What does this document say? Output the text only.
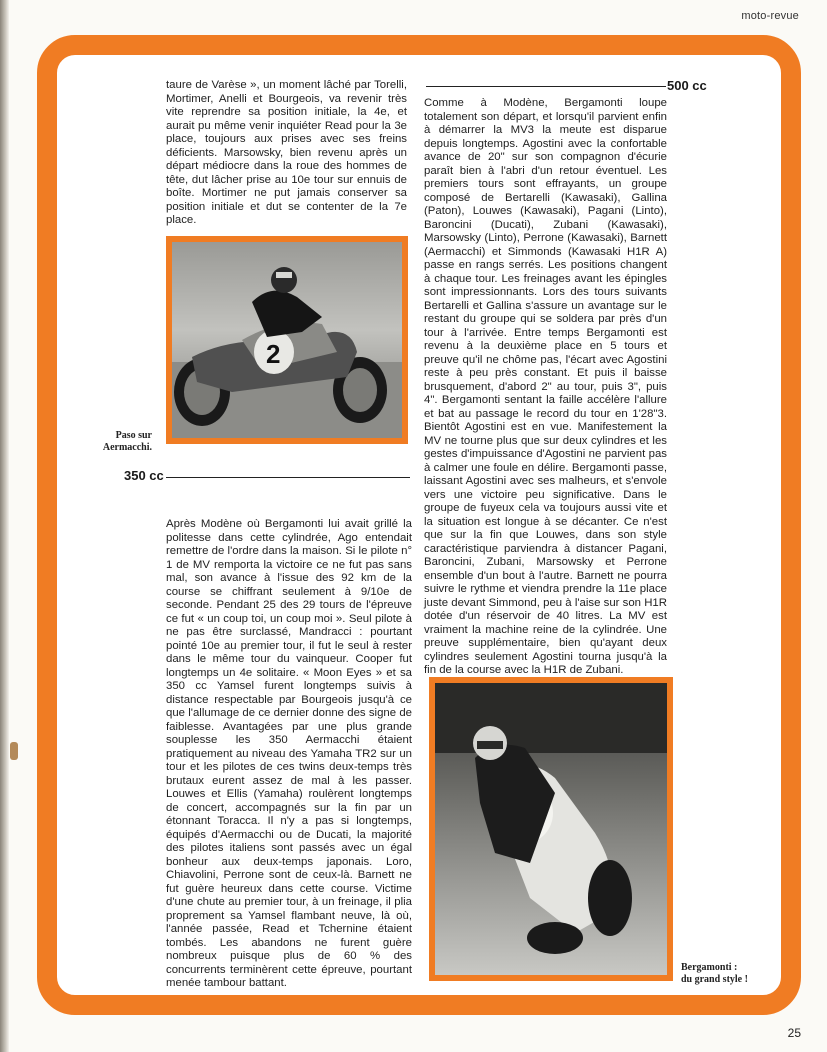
moto-revue
500 cc
350 cc

taure de Varèse », un moment lâché par Torelli, Mortimer, Anelli et Bourgeois, va revenir très vite reprendre sa position initiale, la 4e, et aurait pu même venir inquiéter Read pour la 3e place, toujours aux prises avec ses freins déficients. Marsowsky, bien revenu après un départ médiocre dans la roue des hommes de tête, dut lâcher prise au 10e tour sur ennuis de boîte. Mortimer ne put jamais conserver sa position initiale et dut se contenter de la 7e place.

Comme à Modène, Bergamonti loupe totalement son départ, et lorsqu'il parvient enfin à démarrer la MV3 la meute est disparue depuis longtemps. Agostini avec la confortable avance de 20" sur son compagnon d'écurie paraît bien à l'abri d'un retour éventuel. Les premiers tours sont effrayants, un groupe composé de Bertarelli (Kawasaki), Gallina (Paton), Louwes (Kawasaki), Pagani (Linto), Baroncini (Ducati), Zubani (Kawasaki), Marsowsky (Linto), Perrone (Kawasaki), Barnett (Aermacchi) et Simmonds (Kawasaki H1R A) passe en rangs serrés. Les positions changent à chaque tour. Les freinages avant les épingles sont impressionnants. Lors des tours suivants Bertarelli et Gallina s'assure un avantage sur le restant du groupe qui se soldera par près d'un tour à l'arrivée. Entre temps Bergamonti est revenu à la deuxième place en 5 tours et preuve qu'il ne chôme pas, l'écart avec Agostini reste à peu près constant. Et puis il baisse brusquement, d'abord 2" au tour, puis 3", puis 4". Bergamonti sentant la faille accélère l'allure et bat au passage le record du tour en 1'28"3. Bientôt Agostini est en vue. Manifestement la MV ne tourne plus que sur deux cylindres et les gestes d'impuissance d'Agostini ne parvient pas à calmer une foule en délire. Bergamonti passe, laissant Agostini avec ses malheurs, et s'envole vers une victoire peu significative. Dans le groupe de fuyeux cela va toujours aussi vite et la situation est longue à se décanter. Ce n'est que sur la fin que Louwes, dans son style caractéristique parviendra à distancer Pagani, Baroncini, Zubani, Marsowsky et Perrone ensemble d'un bout à l'autre. Barnett ne pourra suivre le rythme et viendra prendre la 11e place juste devant Simmond, peu à l'aise sur son H1R dotée d'un réservoir de 40 litres. La MV est vraiment la machine reine de la cylindrée. Une preuve supplémentaire, bien qu'ayant deux cylindres seulement Agostini tourna jusqu'à la fin de la course avec la H1R de Zubani.

Après Modène où Bergamonti lui avait grillé la politesse dans cette cylindrée, Ago entendait remettre de l'ordre dans la maison. Si le pilote n° 1 de MV remporta la victoire ce ne fut pas sans mal, son avance à l'issue des 92 km de la course se chiffrant seulement à 9/10e de seconde. Pendant 25 des 29 tours de l'épreuve ce fut « un coup toi, un coup moi ». Seul pilote à ne pas être surclassé, Mandracci : pourtant pointé 10e au premier tour, il fut le seul à rester dans le même tour du vainqueur. Cooper fut longtemps un 4e solitaire. « Moon Eyes » et sa 350 cc Yamsel furent longtemps suivis à distance respectable par Bourgeois jusqu'à ce que l'allumage de ce dernier donne des signe de faiblesse. Avantagées par une plus grande souplesse les 350 Aermacchi étaient pratiquement au niveau des Yamaha TR2 sur un tour et les pilotes de ces twins deux-temps très brutaux eurent assez de mal à les passer. Louwes et Ellis (Yamaha) roulèrent longtemps de concert, accompagnés sur la fin par un étonnant Toracca. Il n'y a pas si longtemps, équipés d'Aermacchi ou de Ducati, la majorité des pilotes italiens sont passés avec un égal bonheur aux deux-temps japonais. Loro, Chiavolini, Perrone sont de ceux-là. Barnett ne fut guère heureux dans cette course. Victime d'une chute au premier tour, à un freinage, il plia proprement sa Yamsel flambant neuve, là où, l'année passée, Read et Tchernine étaient tombés. Les abandons ne furent guère nombreux puisque plus de 60 % des concurrents terminèrent cette épreuve, pourtant menée tambour battant.

2
Paso sur
Aermacchi.
Bergamonti :
du grand style !
25
